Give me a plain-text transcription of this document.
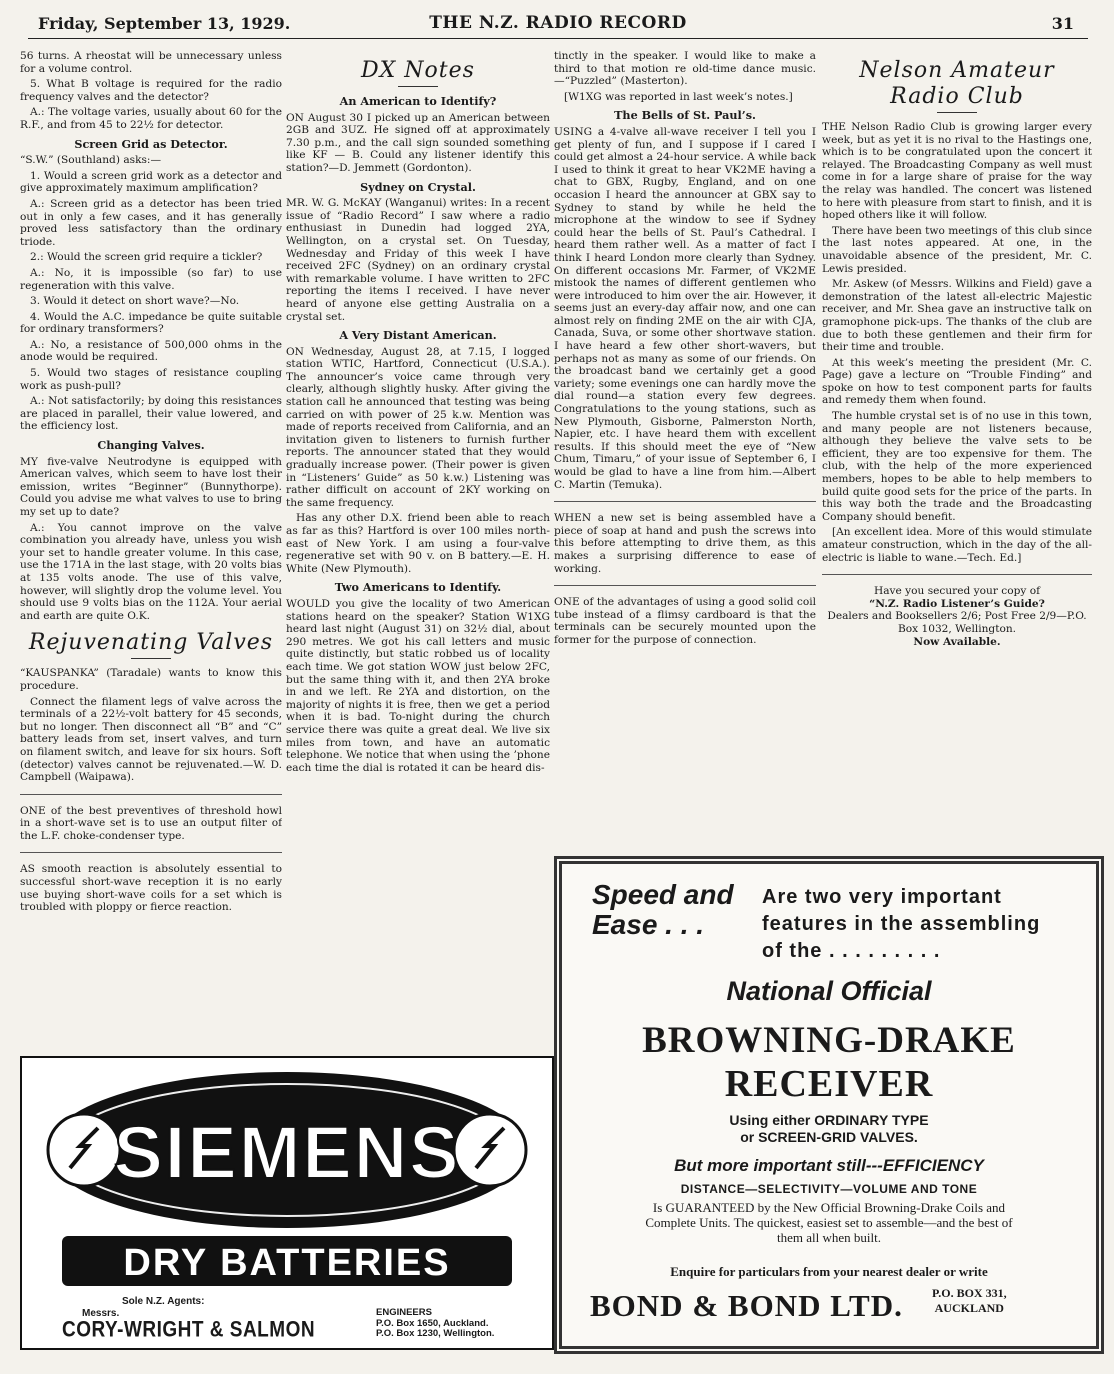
Friday, September 13, 1929.	THE N.Z. RADIO RECORD	31
56 turns. A rheostat will be unnecessary unless for a volume control.
5. What B voltage is required for the radio frequency valves and the detector?
A.: The voltage varies, usually about 60 for the R.F., and from 45 to 22½ for detector.
Screen Grid as Detector.
“S.W.” (Southland) asks:—
1. Would a screen grid work as a detector and give approximately maximum amplification?
A.: Screen grid as a detector has been tried out in only a few cases, and it has generally proved less satisfactory than the ordinary triode.
2.: Would the screen grid require a tickler?
A.: No, it is impossible (so far) to use regeneration with this valve.
3. Would it detect on short wave?—No.
4. Would the A.C. impedance be quite suitable for ordinary transformers?
A.: No, a resistance of 500,000 ohms in the anode would be required.
5. Would two stages of resistance coupling work as push-pull?
A.: Not satisfactorily; by doing this resistances are placed in parallel, their value lowered, and the efficiency lost.
Changing Valves.
MY five-valve Neutrodyne is equipped with American valves, which seem to have lost their emission, writes “Beginner” (Bunnythorpe). Could you advise me what valves to use to bring my set up to date?
A.: You cannot improve on the valve combination you already have, unless you wish your set to handle greater volume. In this case, use the 171A in the last stage, with 20 volts bias at 135 volts anode. The use of this valve, however, will slightly drop the volume level. You should use 9 volts bias on the 112A. Your aerial and earth are quite O.K.
Rejuvenating Valves
“KAUSPANKA” (Taradale) wants to know this procedure.
Connect the filament legs of valve across the terminals of a 22½-volt battery for 45 seconds, but no longer. Then disconnect all “B” and “C” battery leads from set, insert valves, and turn on filament switch, and leave for six hours. Soft (detector) valves cannot be rejuvenated.—W. D. Campbell (Waipawa).
ONE of the best preventives of threshold howl in a short-wave set is to use an output filter of the L.F. choke-condenser type.
AS smooth reaction is absolutely essential to successful short-wave reception it is no early use buying short-wave coils for a set which is troubled with ploppy or fierce reaction.
DX Notes
An American to Identify?
ON August 30 I picked up an American between 2GB and 3UZ. He signed off at approximately 7.30 p.m., and the call sign sounded something like KF — B. Could any listener identify this station?—D. Jemmett (Gordonton).
Sydney on Crystal.
MR. W. G. McKAY (Wanganui) writes: In a recent issue of “Radio Record” I saw where a radio enthusiast in Dunedin had logged 2YA, Wellington, on a crystal set. On Tuesday, Wednesday and Friday of this week I have received 2FC (Sydney) on an ordinary crystal with remarkable volume. I have written to 2FC reporting the items I received. I have never heard of anyone else getting Australia on a crystal set.
A Very Distant American.
ON Wednesday, August 28, at 7.15, I logged station WTIC, Hartford, Connecticut (U.S.A.). The announcer’s voice came through very clearly, although slightly husky. After giving the station call he announced that testing was being carried on with power of 25 k.w. Mention was made of reports received from California, and an invitation given to listeners to furnish further reports. The announcer stated that they would gradually increase power. (Their power is given in “Listeners’ Guide” as 50 k.w.) Listening was rather difficult on account of 2KY working on the same frequency.
Has any other D.X. friend been able to reach as far as this? Hartford is over 100 miles north-east of New York. I am using a four-valve regenerative set with 90 v. on B battery.—E. H. White (New Plymouth).
Two Americans to Identify.
WOULD you give the locality of two American stations heard on the speaker? Station W1XG heard last night (August 31) on 32½ dial, about 290 metres. We got his call letters and music quite distinctly, but static robbed us of locality each time. We got station WOW just below 2FC, but the same thing with it, and then 2YA broke in and we left. Re 2YA and distortion, on the majority of nights it is free, then we get a period when it is bad. To-night during the church service there was quite a great deal. We live six miles from town, and have an automatic telephone. We notice that when using the ’phone each time the dial is rotated it can be heard dis-
tinctly in the speaker. I would like to make a third to that motion re old-time dance music.—“Puzzled” (Masterton).
[W1XG was reported in last week’s notes.]
The Bells of St. Paul’s.
USING a 4-valve all-wave receiver I tell you I get plenty of fun, and I suppose if I cared I could get almost a 24-hour service. A while back I used to think it great to hear VK2ME having a chat to GBX, Rugby, England, and on one occasion I heard the announcer at GBX say to Sydney to stand by while he held the microphone at the window to see if Sydney could hear the bells of St. Paul’s Cathedral. I heard them rather well. As a matter of fact I think I heard London more clearly than Sydney. On different occasions Mr. Farmer, of VK2ME mistook the names of different gentlemen who were introduced to him over the air. However, it seems just an every-day affair now, and one can almost rely on finding 2ME on the air with CJA, Canada, Suva, or some other shortwave station. I have heard a few other short-wavers, but perhaps not as many as some of our friends. On the broadcast band we certainly get a good variety; some evenings one can hardly move the dial round—a station every few degrees. Congratulations to the young stations, such as New Plymouth, Gisborne, Palmerston North, Napier, etc. I have heard them with excellent results. If this should meet the eye of “New Chum, Timaru,” of your issue of September 6, I would be glad to have a line from him.—Albert C. Martin (Temuka).
WHEN a new set is being assembled have a piece of soap at hand and push the screws into this before attempting to drive them, as this makes a surprising difference to ease of working.
ONE of the advantages of using a good solid coil tube instead of a flimsy cardboard is that the terminals can be securely mounted upon the former for the purpose of connection.
Nelson Amateur Radio Club
THE Nelson Radio Club is growing larger every week, but as yet it is no rival to the Hastings one, which is to be congratulated upon the concert it relayed. The Broadcasting Company as well must come in for a large share of praise for the way the relay was handled. The concert was listened to here with pleasure from start to finish, and it is hoped others like it will follow.
There have been two meetings of this club since the last notes appeared. At one, in the unavoidable absence of the president, Mr. C. Lewis presided.
Mr. Askew (of Messrs. Wilkins and Field) gave a demonstration of the latest all-electric Majestic receiver, and Mr. Shea gave an instructive talk on gramophone pick-ups. The thanks of the club are due to both these gentlemen and their firm for their time and trouble.
At this week’s meeting the president (Mr. C. Page) gave a lecture on “Trouble Finding” and spoke on how to test component parts for faults and remedy them when found.
The humble crystal set is of no use in this town, and many people are not listeners because, although they believe the valve sets to be efficient, they are too expensive for them. The club, with the help of the more experienced members, hopes to be able to help members to build quite good sets for the price of the parts. In this way both the trade and the Broadcasting Company should benefit.
[An excellent idea. More of this would stimulate amateur construction, which in the day of the all-electric is liable to wane.—Tech. Ed.]
Have you secured your copy of
“N.Z. Radio Listener’s Guide?
Dealers and Booksellers 2/6; Post Free 2/9—P.O. Box 1032, Wellington.
Now Available.
SIEMENS
DRY BATTERIES
Sole N.Z. Agents:
Messrs.
CORY-WRIGHT & SALMON
ENGINEERS
P.O. Box 1650, Auckland.
P.O. Box 1230, Wellington.
Speed and
Ease . . .
Are two very important
features in the assembling
of the . . . . . . . . .
National Official
BROWNING-DRAKE
RECEIVER
Using either ORDINARY TYPE
or SCREEN-GRID VALVES.
But more important still---EFFICIENCY
DISTANCE—SELECTIVITY—VOLUME AND TONE
Is GUARANTEED by the New Official Browning-Drake Coils and Complete Units. The quickest, easiest set to assemble—and the best of them all when built.
Enquire for particulars from your nearest dealer or write
BOND & BOND LTD. P.O. BOX 331,
AUCKLAND
